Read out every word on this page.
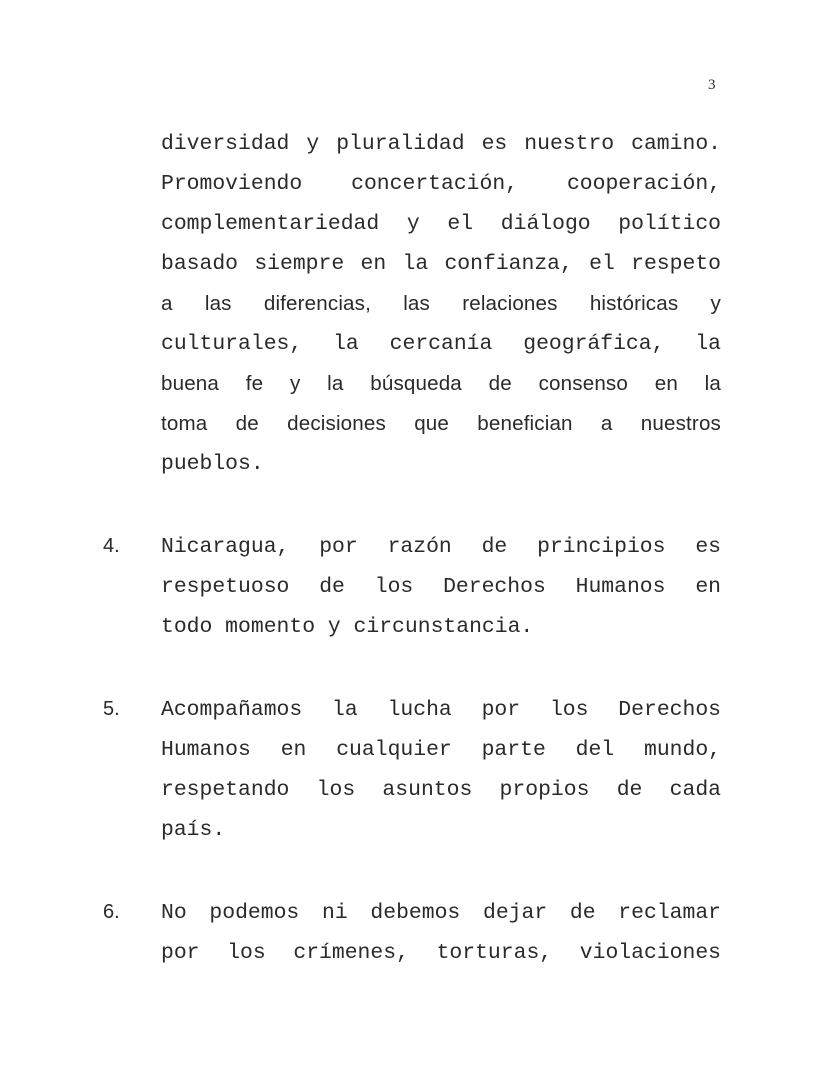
3
diversidad y pluralidad es nuestro camino.
Promoviendo concertación, cooperación,
complementariedad y el diálogo político
basado siempre en la confianza, el respeto
a las diferencias, las relaciones históricas y
culturales, la cercanía geográfica, la
buena fe y la búsqueda de consenso en la
toma de decisiones que benefician a nuestros
pueblos.
4. Nicaragua, por razón de principios es
respetuoso de los Derechos Humanos en
todo momento y circunstancia.
5. Acompañamos la lucha por los Derechos
Humanos en cualquier parte del mundo,
respetando los asuntos propios de cada
país.
6. No podemos ni debemos dejar de reclamar
por los crímenes, torturas, violaciones
